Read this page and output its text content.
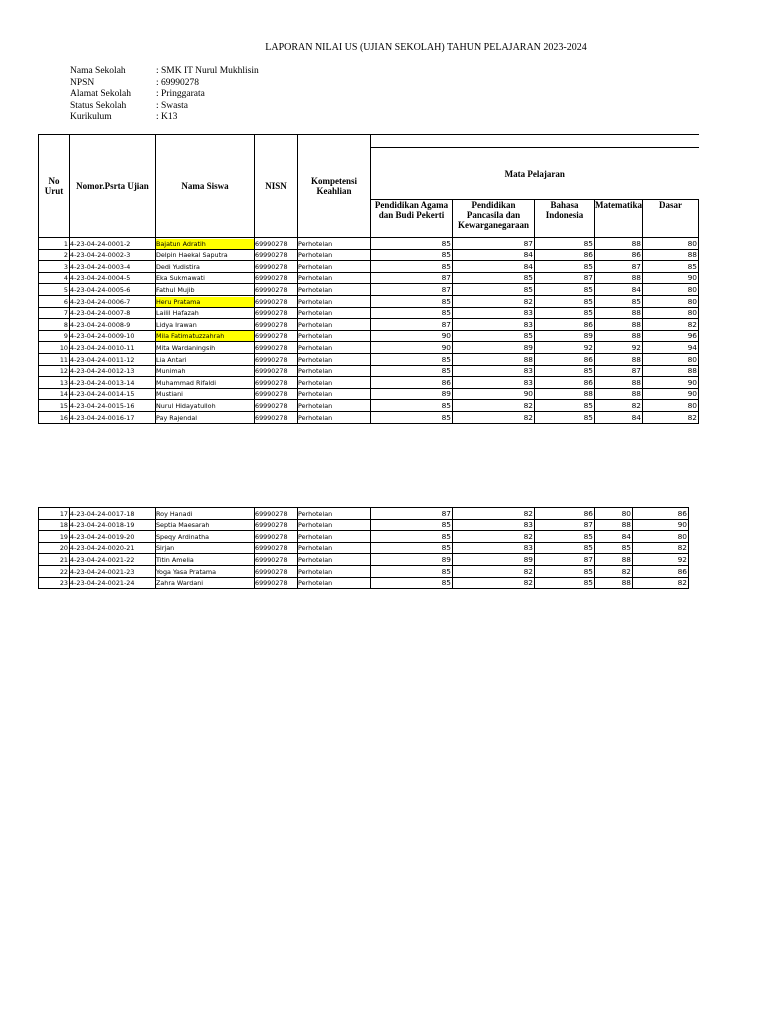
LAPORAN NILAI US (UJIAN SEKOLAH) TAHUN PELAJARAN 2023-2024
Nama Sekolah	: SMK IT Nurul Mukhlisin
NPSN	: 69990278
Alamat Sekolah	: Pringgarata
Status Sekolah	: Swasta
Kurikulum	: K13
No Urut	Nomor.Psrta Ujian	Nama Siswa	NISN	Kompetensi Keahlian					
					Mata Pelajaran				
					Pendidikan Agama dan Budi Pekerti	Pendidikan Pancasila dan Kewarganegaraan	Bahasa Indonesia	Matematika	Dasar
1	4-23-04-24-0001-2	Bajatun Adratih	69990278	Perhotelan	85	87	85	88	80
2	4-23-04-24-0002-3	Delpin Haekal Saputra	69990278	Perhotelan	85	84	86	86	88
3	4-23-04-24-0003-4	Dedi Yudistira	69990278	Perhotelan	85	84	85	87	85
4	4-23-04-24-0004-5	Eka Sukmawati	69990278	Perhotelan	87	85	87	88	90
5	4-23-04-24-0005-6	Fathul Mujib	69990278	Perhotelan	87	85	85	84	80
6	4-23-04-24-0006-7	Heru Pratama	69990278	Perhotelan	85	82	85	85	80
7	4-23-04-24-0007-8	Lailil Hafazah	69990278	Perhotelan	85	83	85	88	80
8	4-23-04-24-0008-9	Lidya Irawan	69990278	Perhotelan	87	83	86	88	82
9	4-23-04-24-0009-10	Mila Fatimatuzzahrah	69990278	Perhotelan	90	85	89	88	96
10	4-23-04-24-0010-11	Mita Wardaningsih	69990278	Perhotelan	90	89	92	92	94
11	4-23-04-24-0011-12	Lia Antari	69990278	Perhotelan	85	88	86	88	80
12	4-23-04-24-0012-13	Munimah	69990278	Perhotelan	85	83	85	87	88
13	4-23-04-24-0013-14	Muhammad Rifaldi	69990278	Perhotelan	86	83	86	88	90
14	4-23-04-24-0014-15	Mustiani	69990278	Perhotelan	89	90	88	88	90
15	4-23-04-24-0015-16	Nurul Hidayatulloh	69990278	Perhotelan	85	82	85	82	80
16	4-23-04-24-0016-17	Pay Rajendal	69990278	Perhotelan	85	82	85	84	82
17	4-23-04-24-0017-18	Roy Hanadi	69990278	Perhotelan	87	82	86	80	86
18	4-23-04-24-0018-19	Septia Maesarah	69990278	Perhotelan	85	83	87	88	90
19	4-23-04-24-0019-20	Speqy Ardinatha	69990278	Perhotelan	85	82	85	84	80
20	4-23-04-24-0020-21	Sirjan	69990278	Perhotelan	85	83	85	85	82
21	4-23-04-24-0021-22	Titin Amelia	69990278	Perhotelan	89	89	87	88	92
22	4-23-04-24-0021-23	Yoga Yasa Pratama	69990278	Perhotelan	85	82	85	82	86
23	4-23-04-24-0021-24	Zahra Wardani	69990278	Perhotelan	85	82	85	88	82
